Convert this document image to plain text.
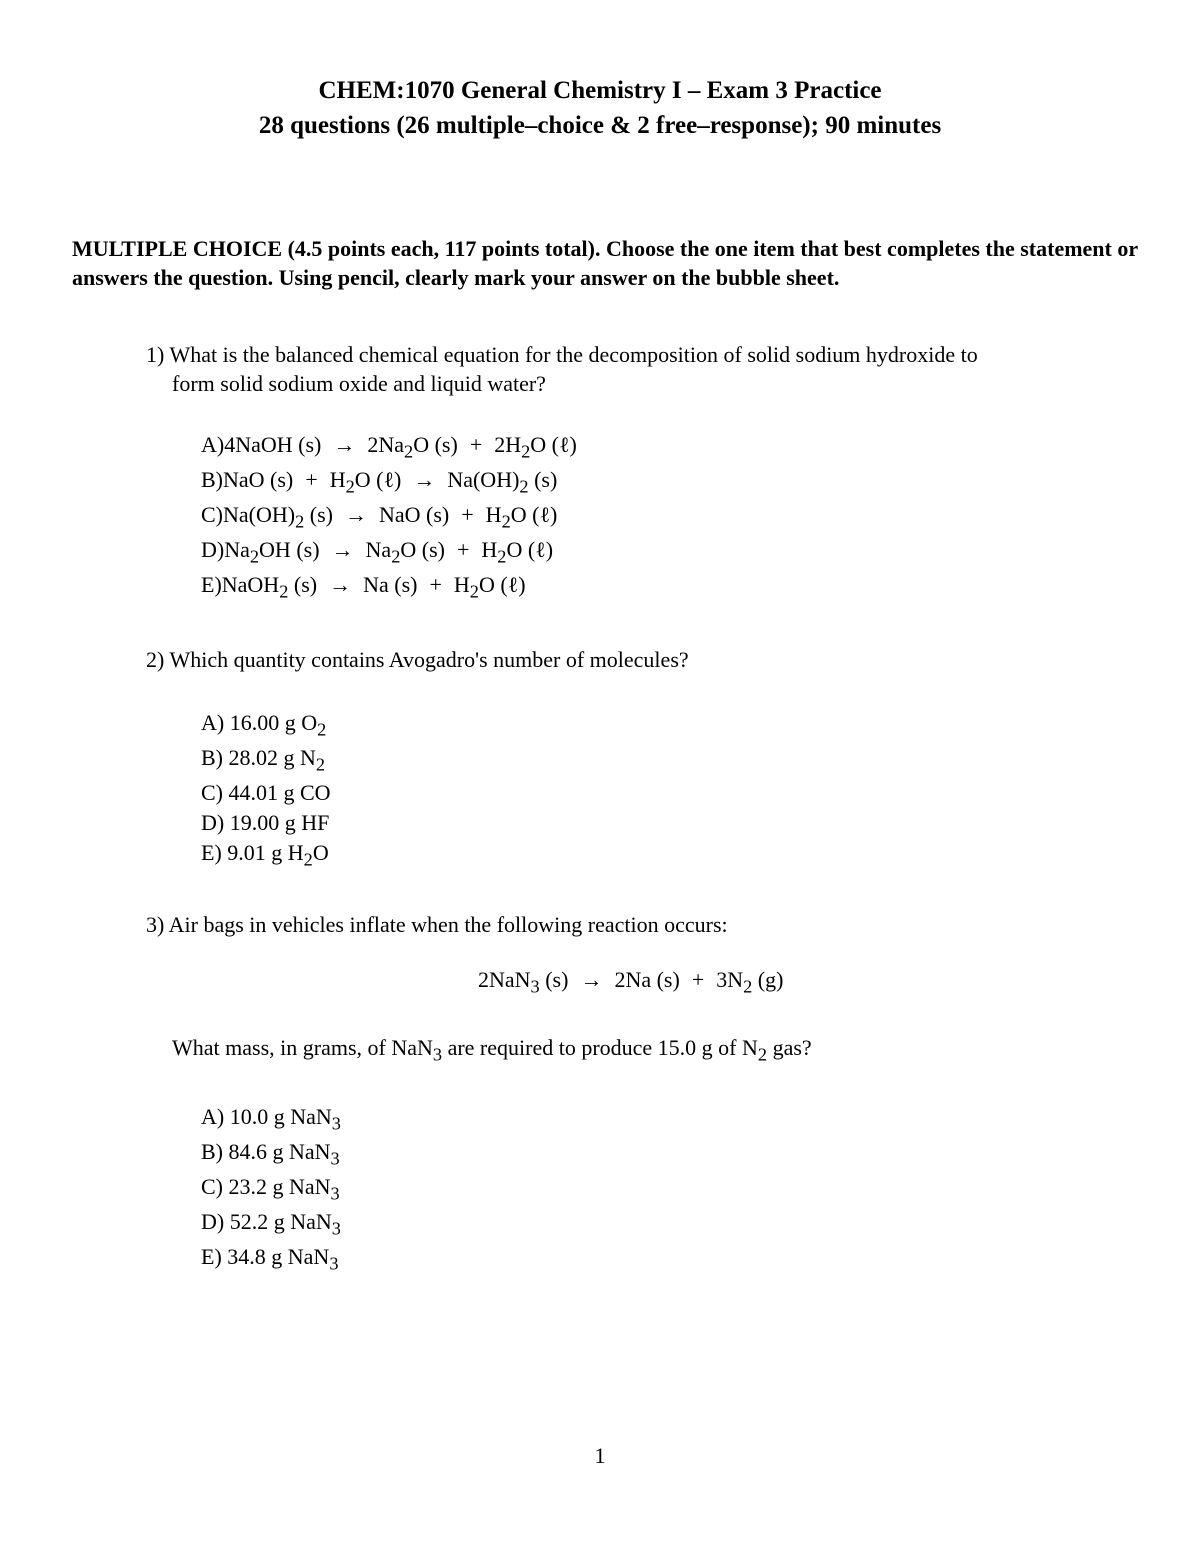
CHEM:1070 General Chemistry I – Exam 3 Practice
28 questions (26 multiple–choice & 2 free–response); 90 minutes
MULTIPLE CHOICE (4.5 points each, 117 points total). Choose the one item that best completes the statement or answers the question. Using pencil, clearly mark your answer on the bubble sheet.
1) What is the balanced chemical equation for the decomposition of solid sodium hydroxide to
form solid sodium oxide and liquid water?
A)4NaOH $(s) \to 2Na_2O$ $(s) + 2H_2O$ (ℓ)
B)NaO $(s) + H_2O$ (ℓ) → $Na(OH)_2$ (s)
$C)Na(OH)_2$ (s) → NaO $(s) + H_2O$ (ℓ)
$D)Na_2OH$ $(s) \to Na_2O$ $(s) + H_2O$ (ℓ)
E)NaOH$_2$ (s) → Na $(s) + H_2O$ (ℓ)
2) Which quantity contains Avogadro's number of molecules?
A) 16.00 g $O_2$
B) 28.02 g $N_2$
C) 44.01 g CO
D) 19.00 g HF
E) 9.01 g $H_2O$
3) Air bags in vehicles inflate when the following reaction occurs:
2NaN$_3$ (s) → 2Na $(s) + 3N_2$ (g)
What mass, in grams, of NaN$_3$ are required to produce 15.0 g of $N_2$ gas?
A) 10.0 g NaN$_3$
B) 84.6 g NaN$_3$
C) 23.2 g NaN$_3$
D) 52.2 g NaN$_3$
E) 34.8 g NaN$_3$
1
